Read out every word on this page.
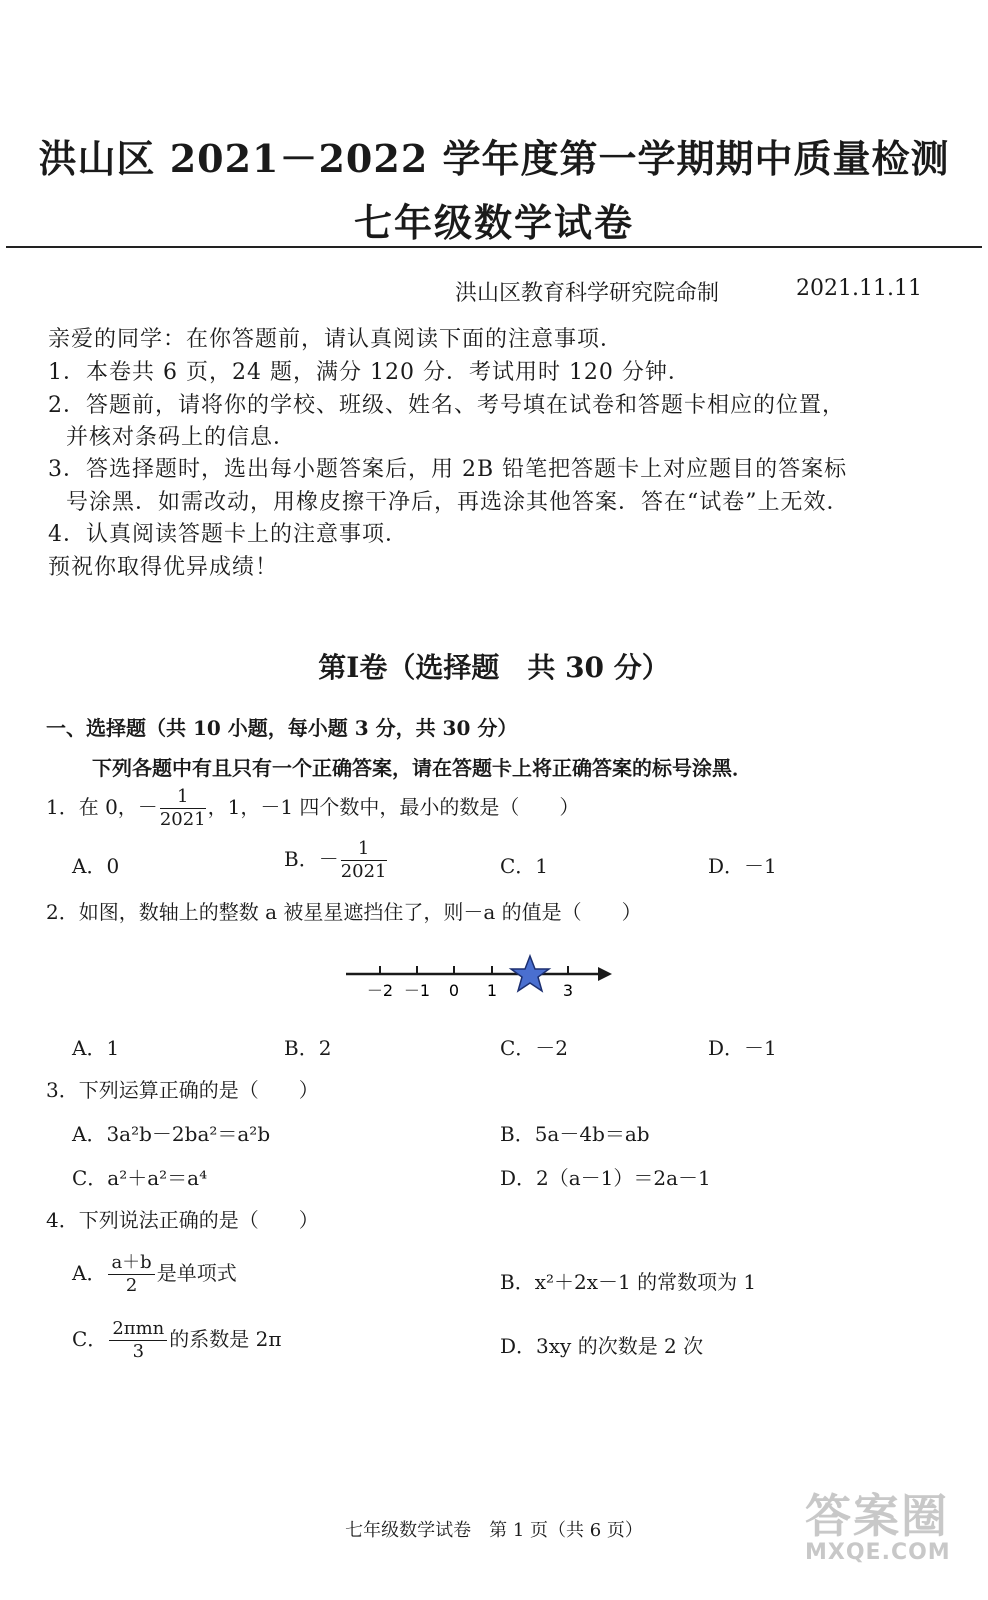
洪山区 2021－2022 学年度第一学期期中质量检测
七年级数学试卷
洪山区教育科学研究院命制	2021.11.11
亲爱的同学：在你答题前，请认真阅读下面的注意事项．
1．本卷共 6 页，24 题，满分 120 分．考试用时 120 分钟．
2．答题前，请将你的学校、班级、姓名、考号填在试卷和答题卡相应的位置，
并核对条码上的信息．
3．答选择题时，选出每小题答案后，用 2B 铅笔把答题卡上对应题目的答案标
号涂黑．如需改动，用橡皮擦干净后，再选涂其他答案．答在“试卷”上无效．
4．认真阅读答题卡上的注意事项．
预祝你取得优异成绩！
第Ⅰ卷（选择题　共 30 分）
一、选择题（共 10 小题，每小题 3 分，共 30 分）
下列各题中有且只有一个正确答案，请在答题卡上将正确答案的标号涂黑．
1．在 0，－ $\frac{1}{2021}$ ，1，－1 四个数中，最小的数是（　　）
A．0	B．－ $\frac{1}{2021}$	C．1	D．－1
2．如图，数轴上的整数 a 被星星遮挡住了，则－a 的值是（　　）
－2 －1 0 1	3
A．1	B．2	C．－2	D．－1
3．下列运算正确的是（　　）
A．3a²b－2ba²＝a²b	B．5a－4b＝ab
C．a²＋a²＝a⁴	D．2（a－1）＝2a－1
4．下列说法正确的是（　　）
A． $\frac{a+b}{2}$ 是单项式	B．x²＋2x－1 的常数项为 1
C． $\frac{\text{2πmn}}{3}$ 的系数是 2π	D．3xy 的次数是 2 次
七年级数学试卷　第 1 页（共 6 页）	答案圈
MXQE.COM
